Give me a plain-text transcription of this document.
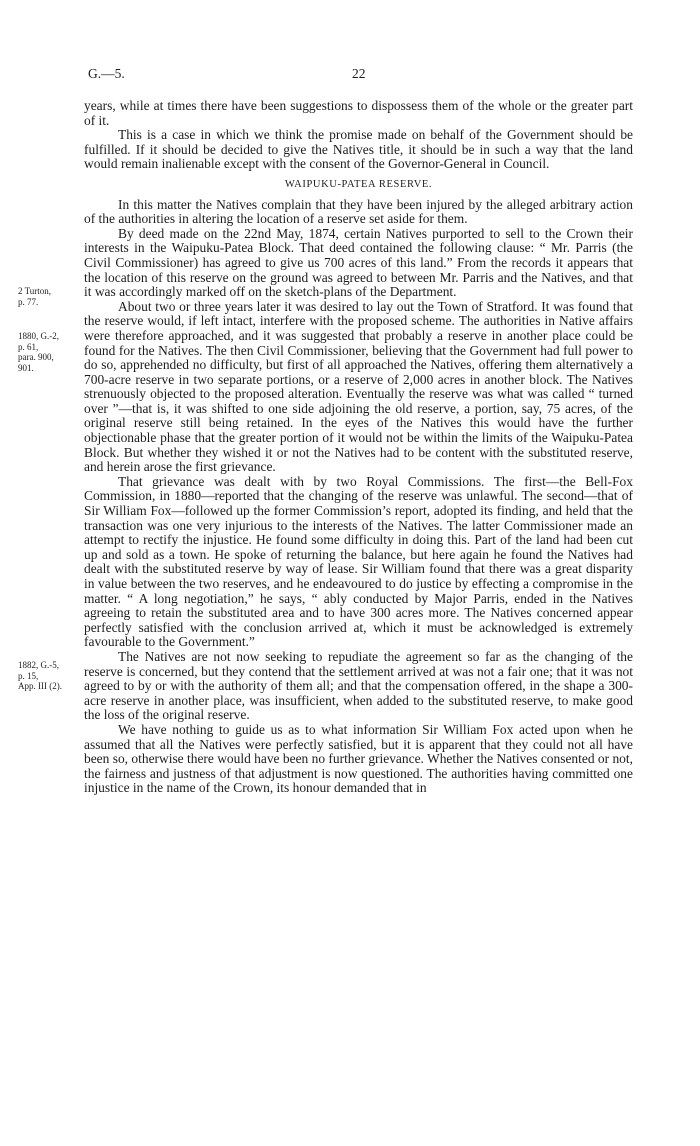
G.—5.	22
2 Turton,
p. 77.
1880, G.-2,
p. 61,
para. 900,
901.
1882, G.-5,
p. 15,
App. III (2).

years, while at times there have been suggestions to dispossess them of the whole or the greater part of it.

This is a case in which we think the promise made on behalf of the Government should be fulfilled. If it should be decided to give the Natives title, it should be in such a way that the land would remain inalienable except with the consent of the Governor-General in Council.

WAIPUKU-PATEA RESERVE.

In this matter the Natives complain that they have been injured by the alleged arbitrary action of the authorities in altering the location of a reserve set aside for them.

By deed made on the 22nd May, 1874, certain Natives purported to sell to the Crown their interests in the Waipuku-Patea Block. That deed contained the following clause: “ Mr. Parris (the Civil Commissioner) has agreed to give us 700 acres of this land.” From the records it appears that the location of this reserve on the ground was agreed to between Mr. Parris and the Natives, and that it was accordingly marked off on the sketch-plans of the Department.

About two or three years later it was desired to lay out the Town of Stratford. It was found that the reserve would, if left intact, interfere with the proposed scheme. The authorities in Native affairs were therefore approached, and it was suggested that probably a reserve in another place could be found for the Natives. The then Civil Commissioner, believing that the Government had full power to do so, apprehended no difficulty, but first of all approached the Natives, offering them alternatively a 700-acre reserve in two separate portions, or a reserve of 2,000 acres in another block. The Natives strenuously objected to the proposed alteration. Eventually the reserve was what was called “ turned over ”—that is, it was shifted to one side adjoining the old reserve, a portion, say, 75 acres, of the original reserve still being retained. In the eyes of the Natives this would have the further objectionable phase that the greater portion of it would not be within the limits of the Waipuku-Patea Block. But whether they wished it or not the Natives had to be content with the substituted reserve, and herein arose the first grievance.

That grievance was dealt with by two Royal Commissions. The first—the Bell-Fox Commission, in 1880—reported that the changing of the reserve was unlawful. The second—that of Sir William Fox—followed up the former Commission’s report, adopted its finding, and held that the transaction was one very injurious to the interests of the Natives. The latter Commissioner made an attempt to rectify the injustice. He found some difficulty in doing this. Part of the land had been cut up and sold as a town. He spoke of returning the balance, but here again he found the Natives had dealt with the substituted reserve by way of lease. Sir William found that there was a great disparity in value between the two reserves, and he endeavoured to do justice by effecting a compromise in the matter. “ A long negotiation,” he says, “ ably conducted by Major Parris, ended in the Natives agreeing to retain the substituted area and to have 300 acres more. The Natives concerned appear perfectly satisfied with the conclusion arrived at, which it must be acknowledged is extremely favourable to the Government.”

The Natives are not now seeking to repudiate the agreement so far as the changing of the reserve is concerned, but they contend that the settlement arrived at was not a fair one; that it was not agreed to by or with the authority of them all; and that the compensation offered, in the shape a 300-acre reserve in another place, was insufficient, when added to the substituted reserve, to make good the loss of the original reserve.

We have nothing to guide us as to what information Sir William Fox acted upon when he assumed that all the Natives were perfectly satisfied, but it is apparent that they could not all have been so, otherwise there would have been no further grievance. Whether the Natives consented or not, the fairness and justness of that adjustment is now questioned. The authorities having committed one injustice in the name of the Crown, its honour demanded that in
